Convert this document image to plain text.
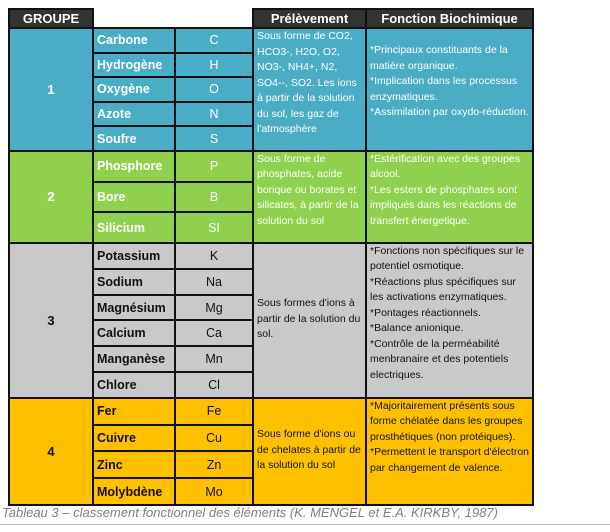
GROUPE			Prélèvement	Fonction Biochimique
1	Carbone	C	Sous forme de CO2, HCO3-, H2O, O2, NO3-, NH4+, N2, SO4--, SO2. Les ions à partir de la solution du sol, les gaz de l'atmosphère	*Principaux constituants de la matière organique.
*Implication dans les processus enzymatiques.
*Assimilation par oxydo-réduction.

	Hydrogène	H		
	Oxygène	O		
	Azote	N		
	Soufre	S		
2	Phosphore	P	Sous forme de phosphates, acide borique ou borates et silicates, à partir de la solution du sol	*Estérification avec des groupes alcool.
*Les esters de phosphates sont impliqués dans les réactions de transfert énergetique.

	Bore	B		
	Silicium	SI		
3	Potassium	K	Sous formes d'ions à partir de la solution du sol.	*Fonctions non spécifiques sur le potentiel osmotique.
*Réactions plus spécifiques sur les activations enzymatiques.
*Pontages réactionnels.
*Balance anionique.
*Contrôle de la perméabilité menbranaire et des potentiels electriques.

	Sodium	Na		
	Magnésium	Mg		
	Calcium	Ca		
	Manganèse	Mn		
	Chlore	Cl		
4	Fer	Fe	Sous forme d'ions ou de chelates à partir de la solution du sol	*Majoritairement présents sous forme chélatée dans les groupes prosthétiques (non protéiques).
*Permettent le transport d'électron par changement de valence.

	Cuivre	Cu		
	Zinc	Zn		
	Molybdène	Mo		
Tableau 3 – classement fonctionnel des éléments (K. MENGEL et E.A. KIRKBY, 1987)
